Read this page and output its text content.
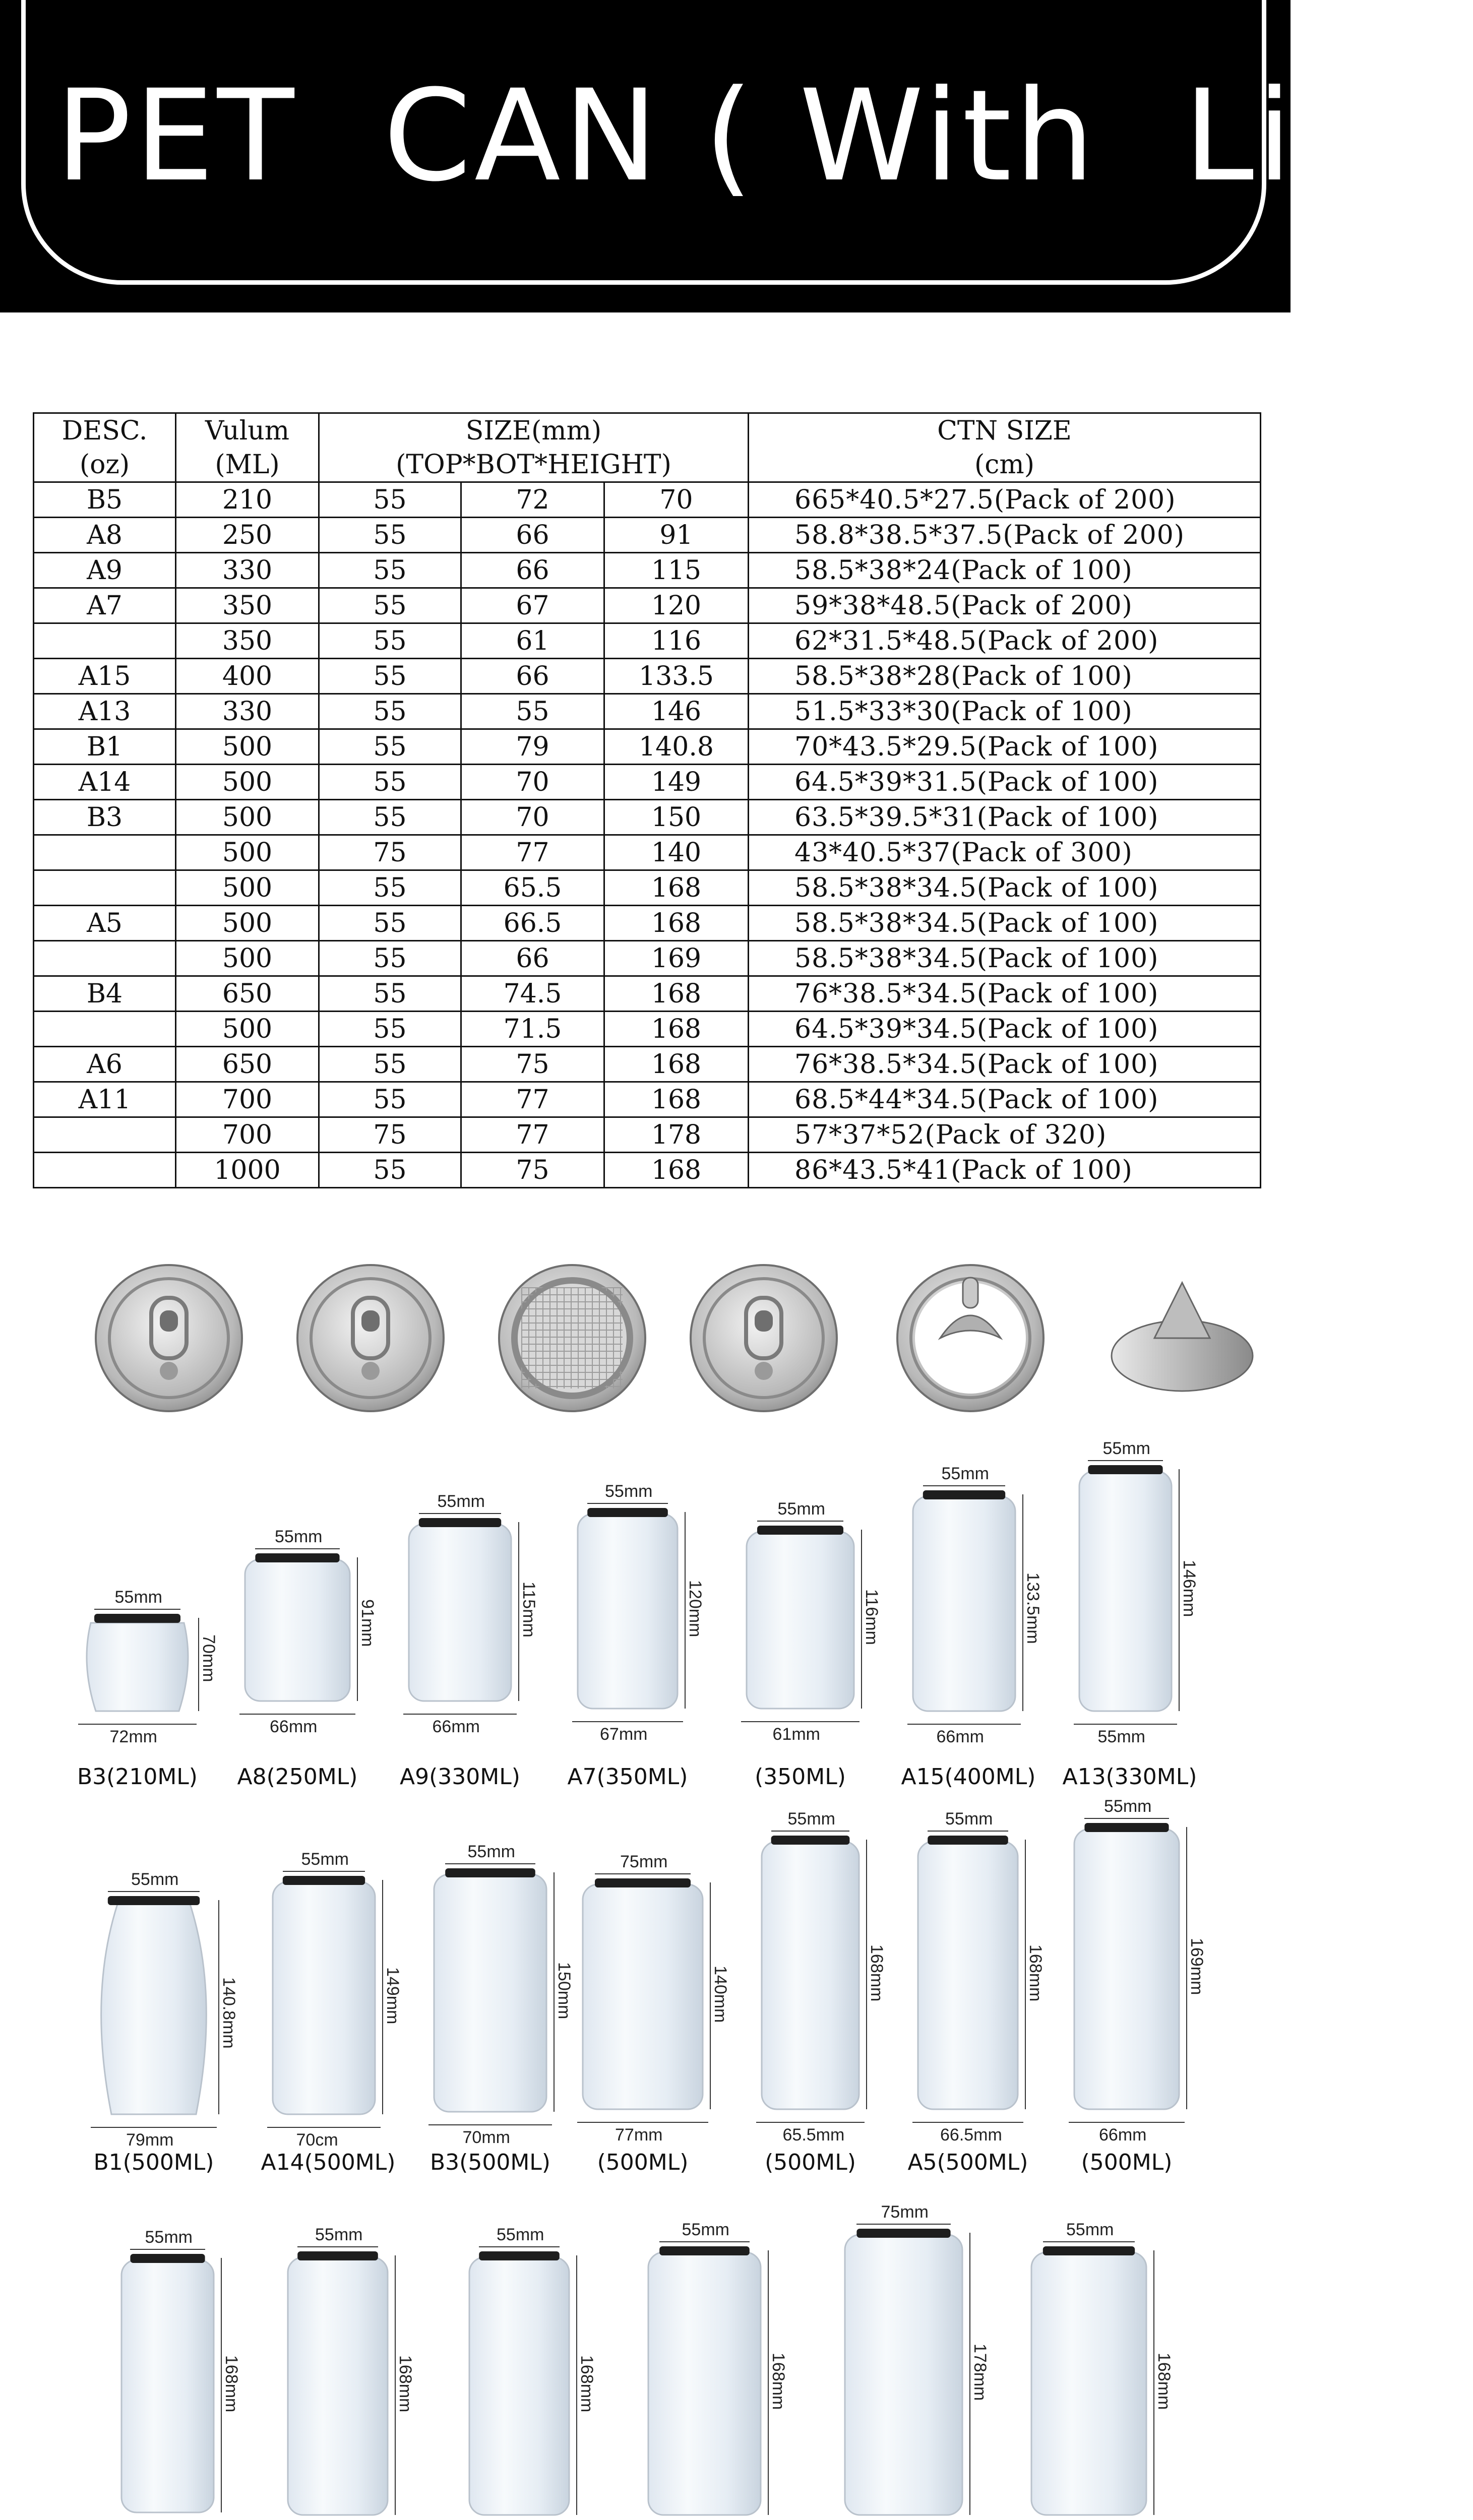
PET  CAN ( With  Lid )
DESC.	Vulum	SIZE(mm)			CTN SIZE
(oz)	(ML)	(TOP*BOT*HEIGHT)			(cm)
B5	210	55	72	70	665*40.5*27.5(Pack of 200)
A8	250	55	66	91	58.8*38.5*37.5(Pack of 200)
A9	330	55	66	115	58.5*38*24(Pack of 100)
A7	350	55	67	120	59*38*48.5(Pack of 200)
	350	55	61	116	62*31.5*48.5(Pack of 200)
A15	400	55	66	133.5	58.5*38*28(Pack of 100)
A13	330	55	55	146	51.5*33*30(Pack of 100)
B1	500	55	79	140.8	70*43.5*29.5(Pack of 100)
A14	500	55	70	149	64.5*39*31.5(Pack of 100)
B3	500	55	70	150	63.5*39.5*31(Pack of 100)
	500	75	77	140	43*40.5*37(Pack of 300)
	500	55	65.5	168	58.5*38*34.5(Pack of 100)
A5	500	55	66.5	168	58.5*38*34.5(Pack of 100)
	500	55	66	169	58.5*38*34.5(Pack of 100)
B4	650	55	74.5	168	76*38.5*34.5(Pack of 100)
	500	55	71.5	168	64.5*39*34.5(Pack of 100)
A6	650	55	75	168	76*38.5*34.5(Pack of 100)
A11	700	55	77	168	68.5*44*34.5(Pack of 100)
	700	75	77	178	57*37*52(Pack of 320)
	1000	55	75	168	86*43.5*41(Pack of 100)
55mm
70mm
72mm
B3(210ML)
55mm
91mm
66mm
A8(250ML)
55mm
115mm
66mm
A9(330ML)
55mm
120mm
67mm
A7(350ML)
55mm
116mm
61mm
(350ML)
55mm
133.5mm
66mm
A15(400ML)
55mm
146mm
55mm
A13(330ML)
55mm
140.8mm
79mm
B1(500ML)
55mm
149mm
70cm
A14(500ML)
55mm
150mm
70mm
B3(500ML)
75mm
140mm
77mm
(500ML)
55mm
168mm
65.5mm
(500ML)
55mm
168mm
66.5mm
A5(500ML)
55mm
169mm
66mm
(500ML)
55mm
168mm
55mm
168mm
55mm
168mm
55mm
168mm
75mm
178mm
55mm
168mm
